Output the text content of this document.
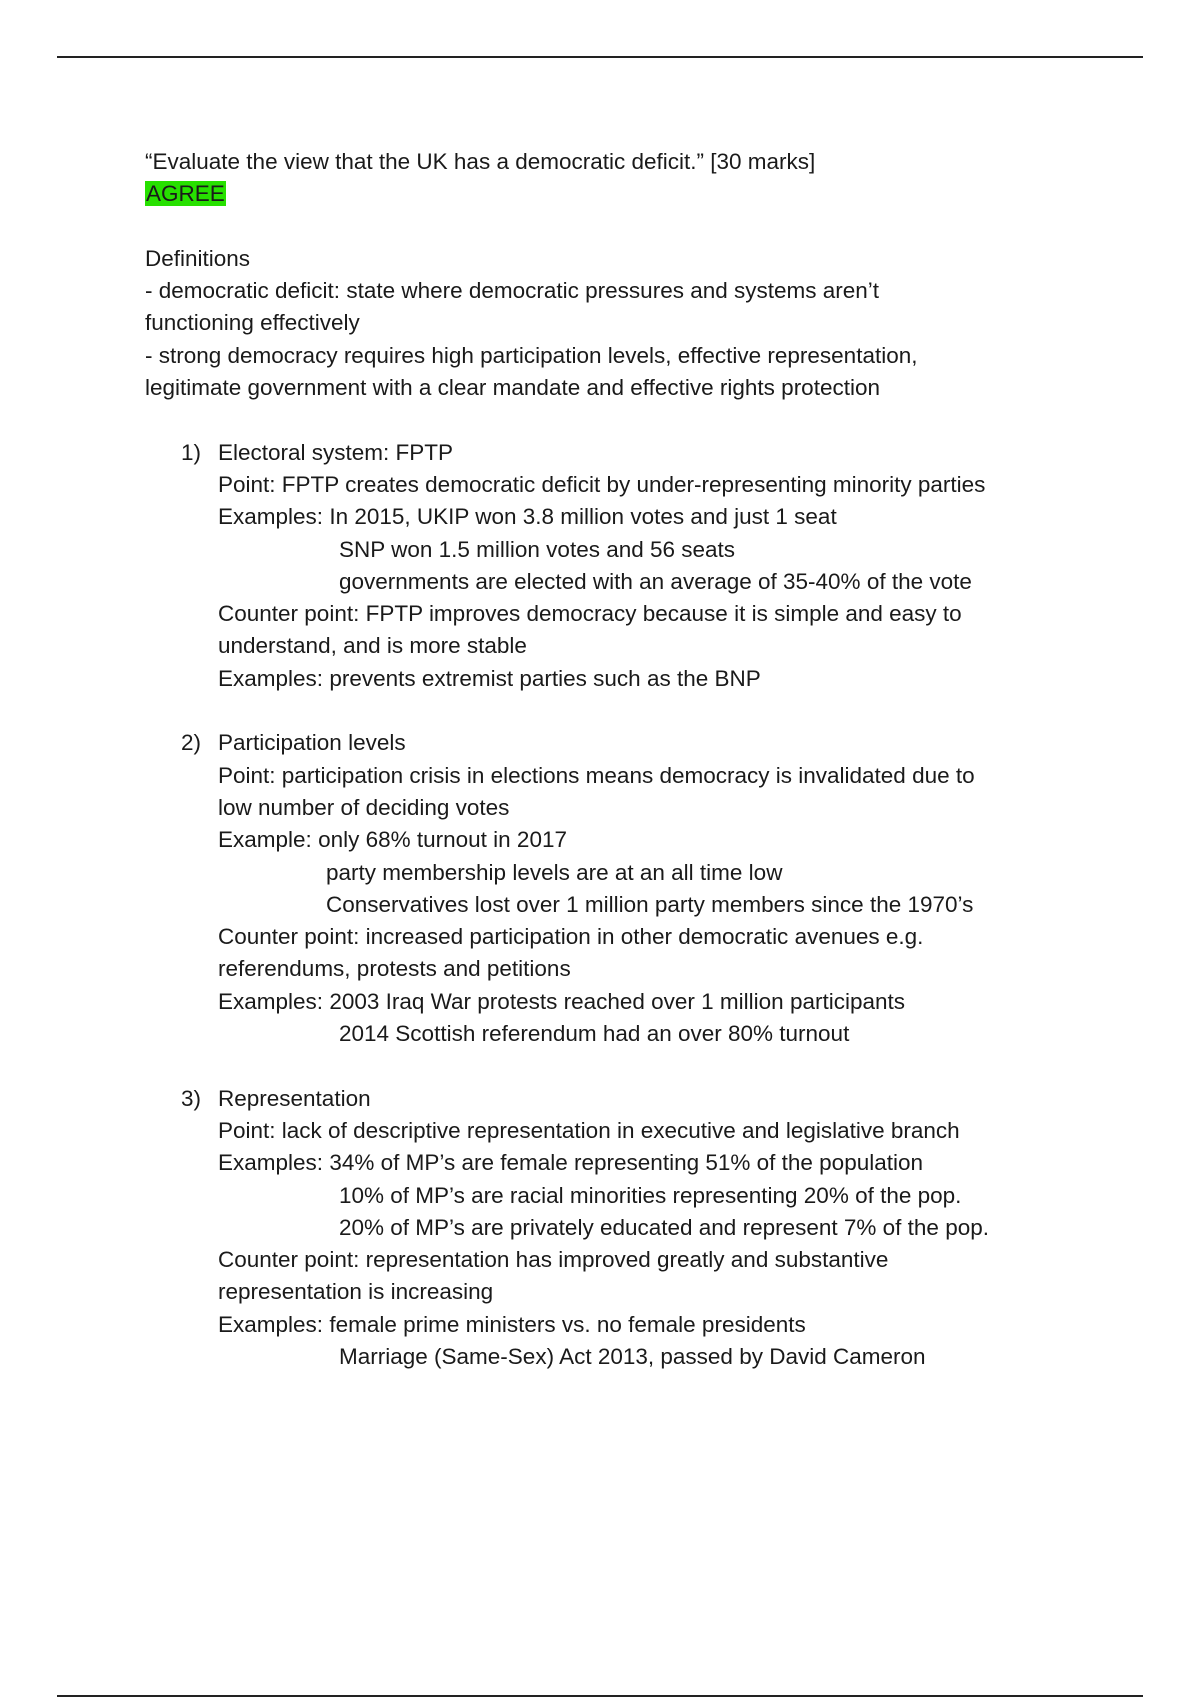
“Evaluate the view that the UK has a democratic deficit.” [30 marks]
AGREE
Definitions
- democratic deficit: state where democratic pressures and systems aren’t
functioning effectively
- strong democracy requires high participation levels, effective representation,
legitimate government with a clear mandate and effective rights protection
1) Electoral system: FPTP
Point: FPTP creates democratic deficit by under-representing minority parties
Examples: In 2015, UKIP won 3.8 million votes and just 1 seat
SNP won 1.5 million votes and 56 seats
governments are elected with an average of 35-40% of the vote
Counter point: FPTP improves democracy because it is simple and easy to
understand, and is more stable
Examples: prevents extremist parties such as the BNP
2) Participation levels
Point: participation crisis in elections means democracy is invalidated due to
low number of deciding votes
Example: only 68% turnout in 2017
party membership levels are at an all time low
Conservatives lost over 1 million party members since the 1970’s
Counter point: increased participation in other democratic avenues e.g.
referendums, protests and petitions
Examples: 2003 Iraq War protests reached over 1 million participants
2014 Scottish referendum had an over 80% turnout
3) Representation
Point: lack of descriptive representation in executive and legislative branch
Examples: 34% of MP’s are female representing 51% of the population
10% of MP’s are racial minorities representing 20% of the pop.
20% of MP’s are privately educated and represent 7% of the pop.
Counter point: representation has improved greatly and substantive
representation is increasing
Examples: female prime ministers vs. no female presidents
Marriage (Same-Sex) Act 2013, passed by David Cameron
